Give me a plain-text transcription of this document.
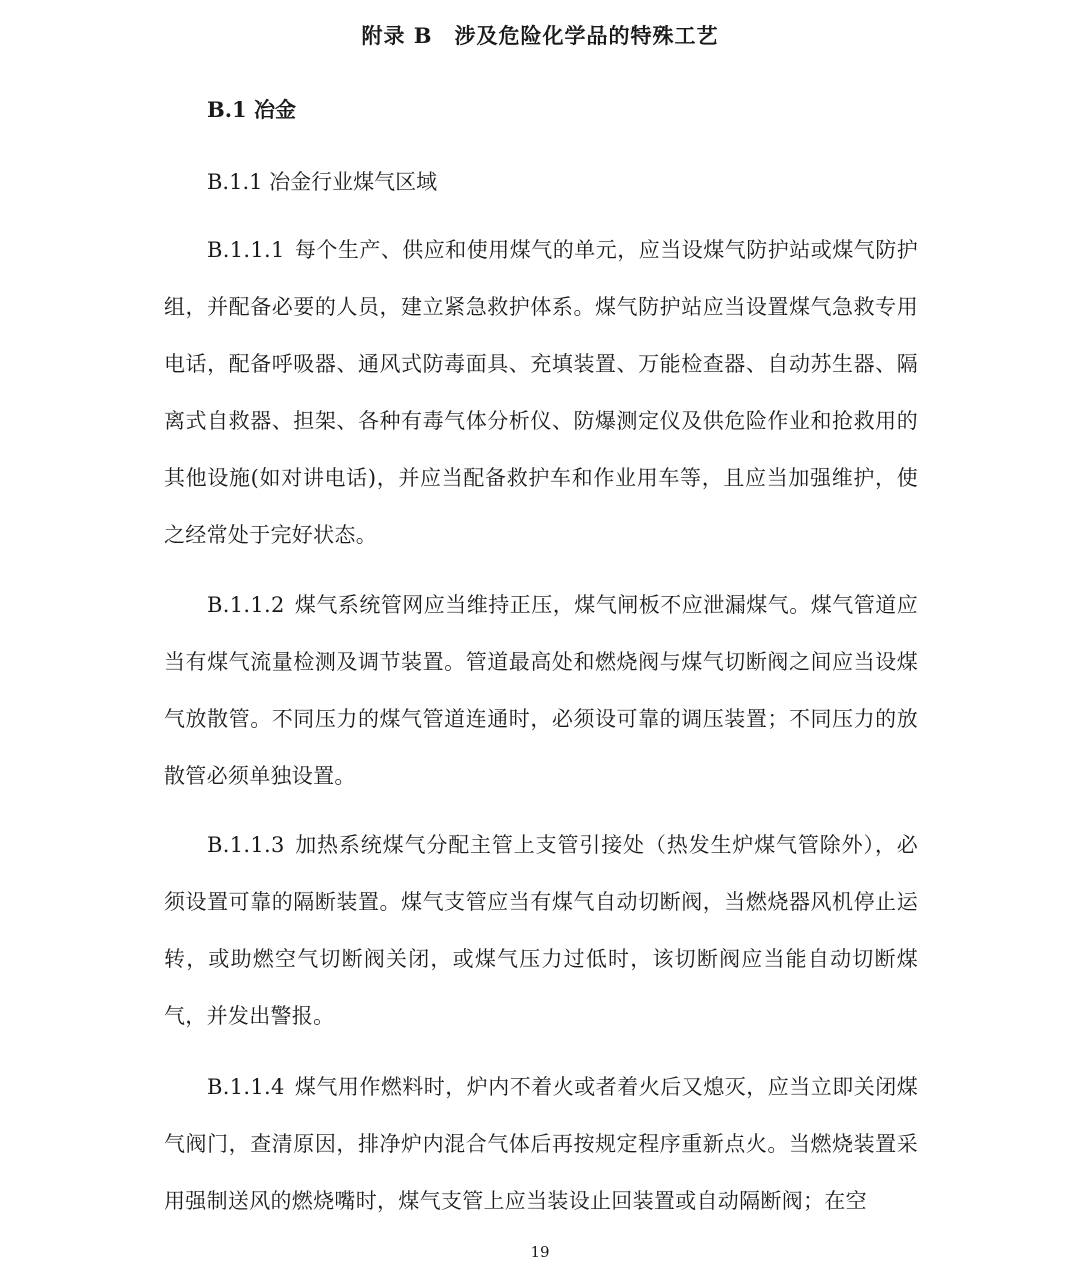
附录 B　涉及危险化学品的特殊工艺
B.1 冶金
B.1.1 冶金行业煤气区域

B.1.1.1 每个生产、供应和使用煤气的单元，应当设煤气防护站或煤气防护组，并配备必要的人员，建立紧急救护体系。煤气防护站应当设置煤气急救专用电话，配备呼吸器、通风式防毒面具、充填装置、万能检查器、自动苏生器、隔离式自救器、担架、各种有毒气体分析仪、防爆测定仪及供危险作业和抢救用的其他设施(如对讲电话)，并应当配备救护车和作业用车等，且应当加强维护，使之经常处于完好状态。

B.1.1.2 煤气系统管网应当维持正压，煤气闸板不应泄漏煤气。煤气管道应当有煤气流量检测及调节装置。管道最高处和燃烧阀与煤气切断阀之间应当设煤气放散管。不同压力的煤气管道连通时，必须设可靠的调压装置；不同压力的放散管必须单独设置。

B.1.1.3 加热系统煤气分配主管上支管引接处（热发生炉煤气管除外），必须设置可靠的隔断装置。煤气支管应当有煤气自动切断阀，当燃烧器风机停止运转，或助燃空气切断阀关闭，或煤气压力过低时，该切断阀应当能自动切断煤气，并发出警报。

B.1.1.4 煤气用作燃料时，炉内不着火或者着火后又熄灭，应当立即关闭煤气阀门，查清原因，排净炉内混合气体后再按规定程序重新点火。当燃烧装置采用强制送风的燃烧嘴时，煤气支管上应当装设止回装置或自动隔断阀；在空

19
